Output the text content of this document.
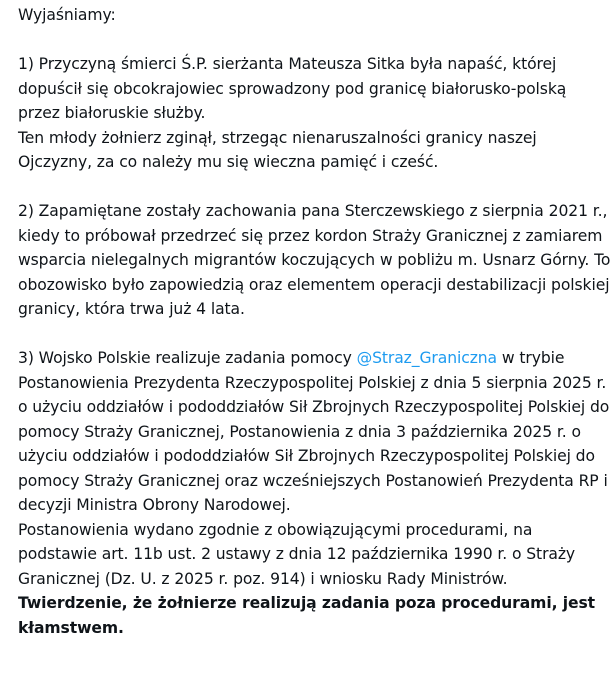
Wyjaśniamy:

1) Przyczyną śmierci Ś.P. sierżanta Mateusza Sitka była napaść, której dopuścił się obcokrajowiec sprowadzony pod granicę białorusko-polską przez białoruskie służby.

Ten młody żołnierz zginął, strzegąc nienaruszalności granicy naszej Ojczyzny, za co należy mu się wieczna pamięć i cześć.

2) Zapamiętane zostały zachowania pana Sterczewskiego z sierpnia 2021 r., kiedy to próbował przedrzeć się przez kordon Straży Granicznej z zamiarem wsparcia nielegalnych migrantów koczujących w pobliżu m. Usnarz Górny. To obozowisko było zapowiedzią oraz elementem operacji destabilizacji polskiej granicy, która trwa już 4 lata.

3) Wojsko Polskie realizuje zadania pomocy @Straz_Graniczna w trybie Postanowienia Prezydenta Rzeczypospolitej Polskiej z dnia 5 sierpnia 2025 r. o użyciu oddziałów i pododdziałów Sił Zbrojnych Rzeczypospolitej Polskiej do pomocy Straży Granicznej, Postanowienia z dnia 3 października 2025 r. o użyciu oddziałów i pododdziałów Sił Zbrojnych Rzeczypospolitej Polskiej do pomocy Straży Granicznej oraz wcześniejszych Postanowień Prezydenta RP i decyzji Ministra Obrony Narodowej.

Postanowienia wydano zgodnie z obowiązującymi procedurami, na podstawie art. 11b ust. 2 ustawy z dnia 12 października 1990 r. o Straży Granicznej (Dz. U. z 2025 r. poz. 914) i wniosku Rady Ministrów.

Twierdzenie, że żołnierze realizują zadania poza procedurami, jest kłamstwem.
